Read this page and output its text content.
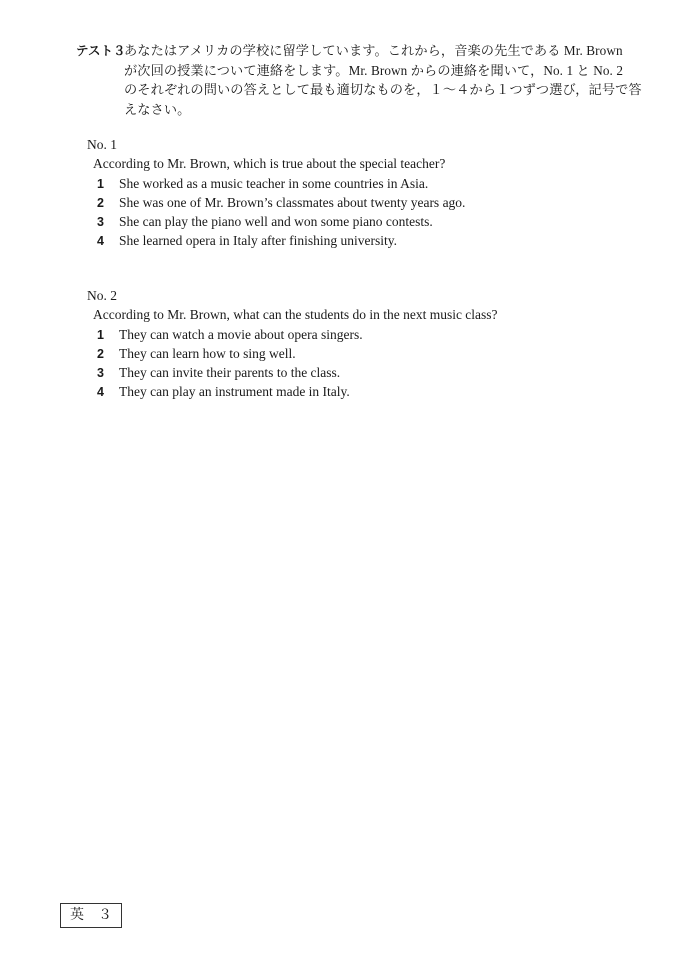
テスト３
あなたはアメリカの学校に留学しています。これから，音楽の先生である Mr. Brown
が次回の授業について連絡をします。Mr. Brown からの連絡を聞いて，No. 1 と No. 2
のそれぞれの問いの答えとして最も適切なものを，１～４から１つずつ選び，記号で答
えなさい。
No. 1
According to Mr. Brown, which is true about the special teacher?
1 She worked as a music teacher in some countries in Asia.
2 She was one of Mr. Brown’s classmates about twenty years ago.
3 She can play the piano well and won some piano contests.
4 She learned opera in Italy after finishing university.
No. 2
According to Mr. Brown, what can the students do in the next music class?
1 They can watch a movie about opera singers.
2 They can learn how to sing well.
3 They can invite their parents to the class.
4 They can play an instrument made in Italy.
英　３
